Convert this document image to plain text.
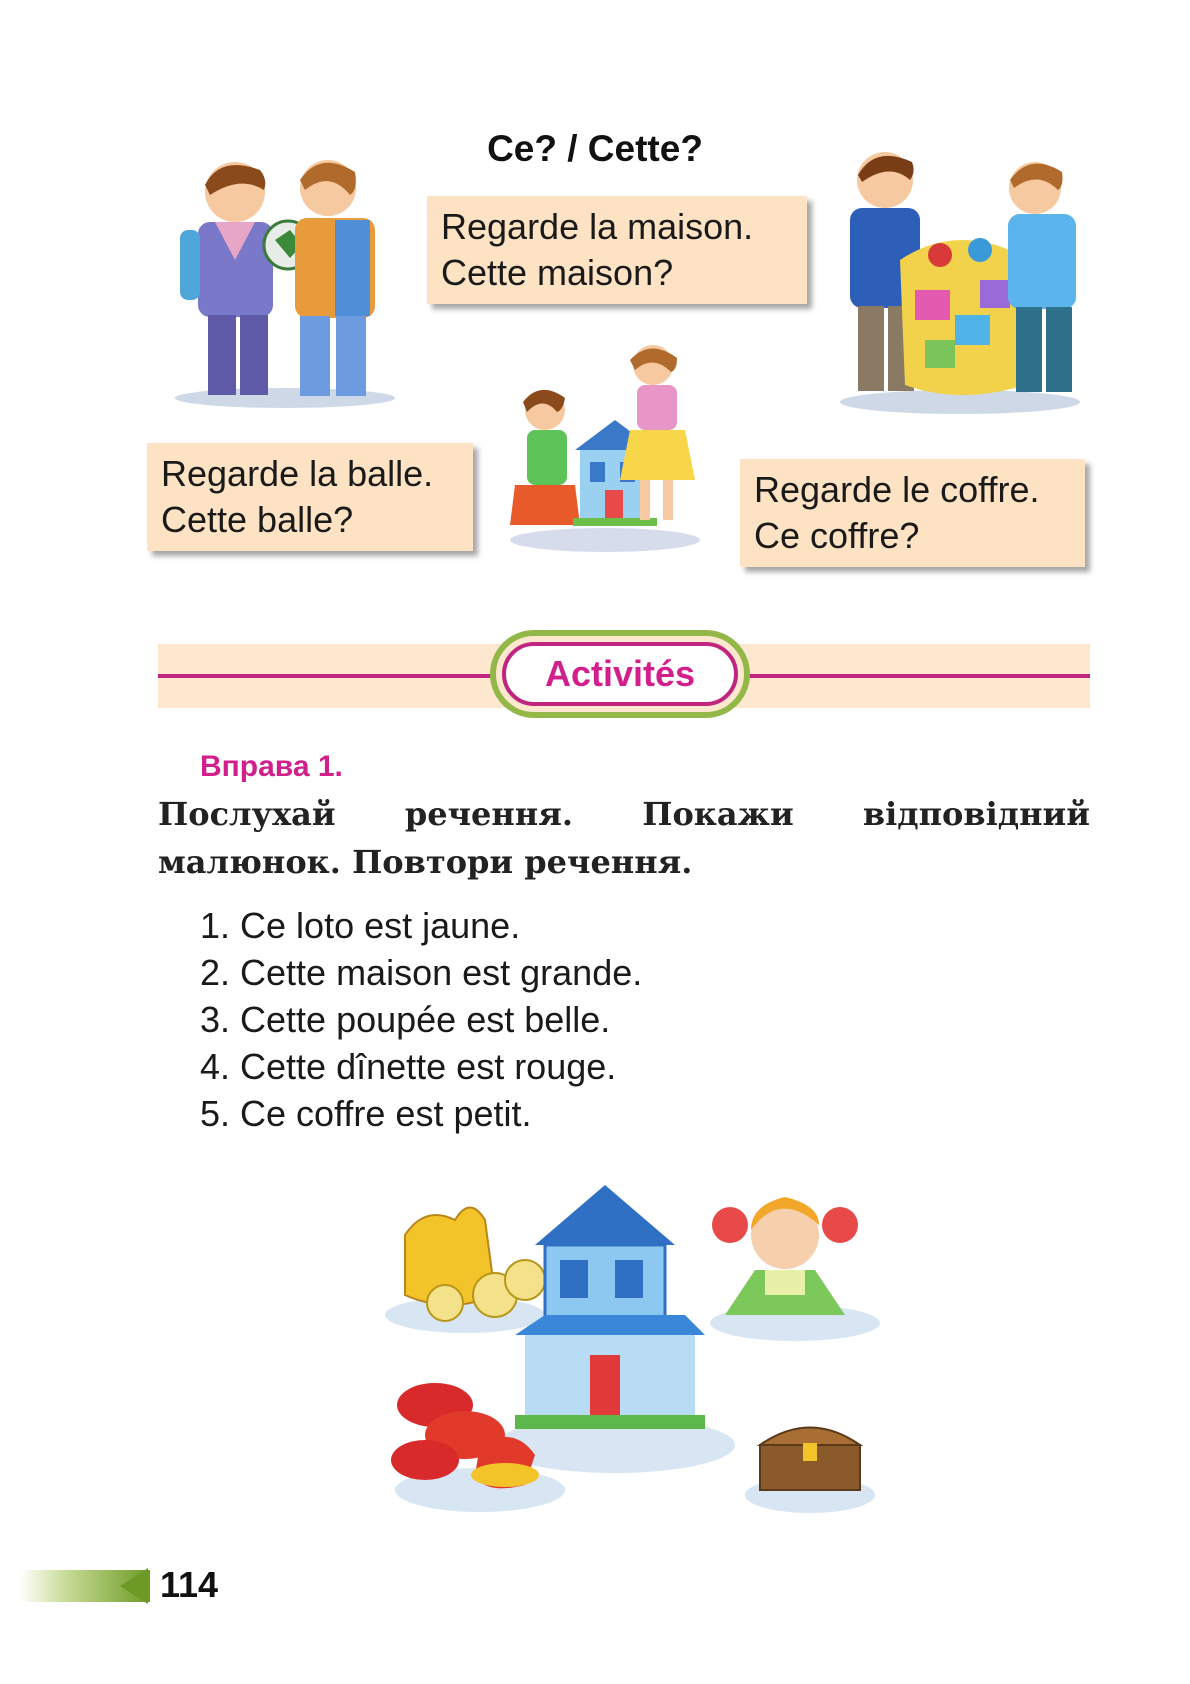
Ce? / Cette?
Regarde la maison.
Cette maison?
Regarde la balle.
Cette balle?
Regarde le coffre.
Ce coffre?
Activités
Вправа 1.
Послухай речення. Покажи відповідний малюнок. Повтори речення.
1. Ce loto est jaune.
2. Cette maison est grande.
3. Cette poupée est belle.
4. Cette dînette est rouge.
5. Ce coffre est petit.
114
